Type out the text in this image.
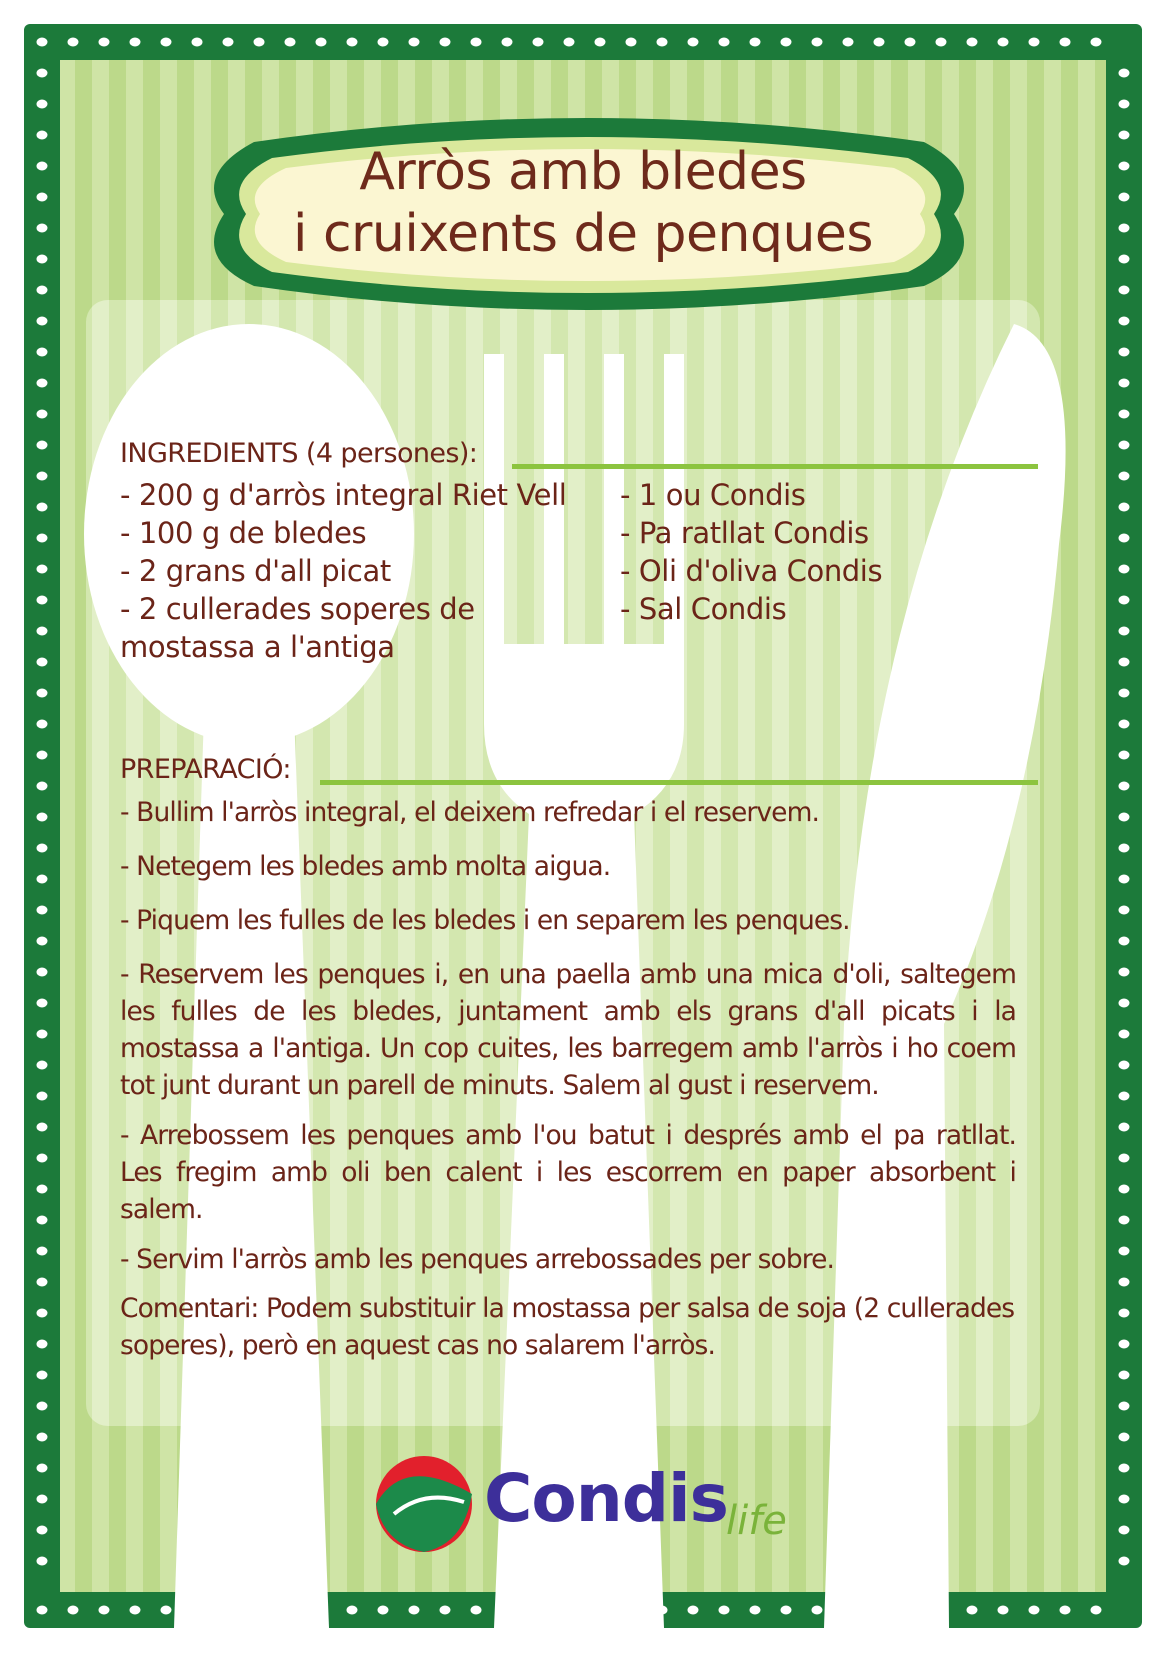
Arròs amb bledes
i cruixents de penques
INGREDIENTS (4 persones):
- 200 g d'arròs integral Riet Vell
- 100 g de bledes
- 2 grans d'all picat
- 2 cullerades soperes de
mostassa a l'antiga
- 1 ou Condis
- Pa ratllat Condis
- Oli d'oliva Condis
- Sal Condis
PREPARACIÓ:
- Bullim l'arròs integral, el deixem refredar i el reservem.
- Netegem les bledes amb molta aigua.
- Piquem les fulles de les bledes i en separem les penques.
- Reservem les penques i, en una paella amb una mica d'oli, saltegem les fulles de les bledes, juntament amb els grans d'all picats i la mostassa a l'antiga. Un cop cuites, les barregem amb l'arròs i ho coem tot junt durant un parell de minuts. Salem al gust i reservem.
- Arrebossem les penques amb l'ou batut i després amb el pa ratllat. Les fregim amb oli ben calent i les escorrem en paper absorbent i salem.
- Servim l'arròs amb les penques arrebossades per sobre.
Comentari: Podem substituir la mostassa per salsa de soja (2 cullerades soperes), però en aquest cas no salarem l'arròs.
Condis
life
